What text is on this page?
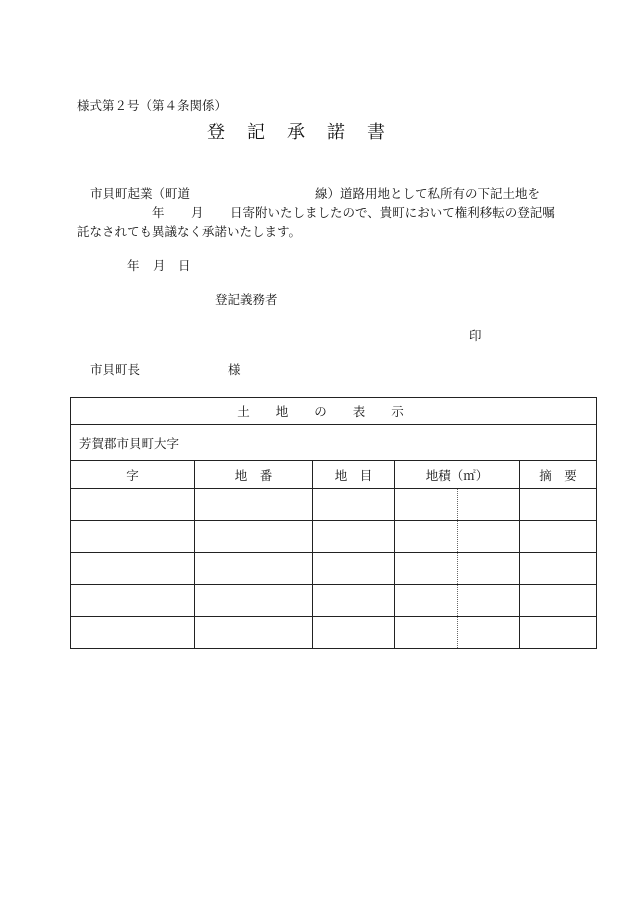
様式第２号（第４条関係）
登記承諾書
市貝町起業（町道	線）道路用地として私所有の下記土地を
年 月 日寄附いたしましたので、貴町において権利移転の登記嘱
託なされても異議なく承諾いたします。
年 月 日
登記義務者
印
市貝町長	様
土地の表示				
芳賀郡市貝町大字				
字	地　番	地　目	地積（㎡）	摘　要
